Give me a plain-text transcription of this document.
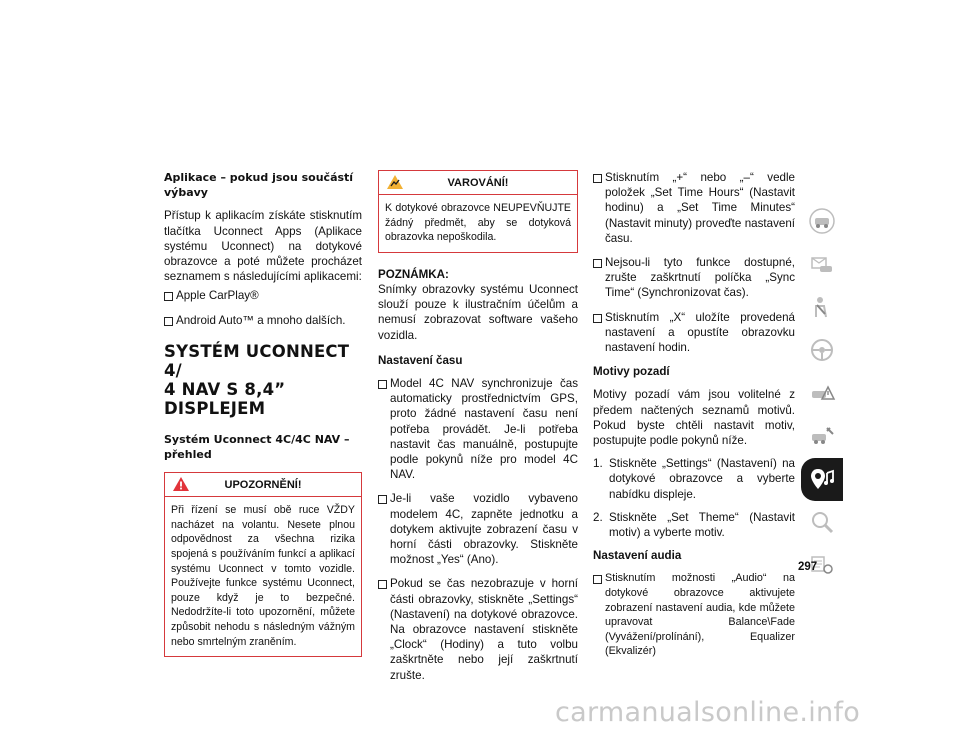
Aplikace – pokud jsou součástí výbavy
Přístup k aplikacím získáte stisknutím tlačítka Uconnect Apps (Aplikace systému Uconnect) na dotykové obrazovce a poté můžete procházet seznamem s následujícími aplikacemi:
Apple CarPlay®
Android Auto™ a mnoho dalších.
SYSTÉM UCONNECT 4/
4 NAV S 8,4” DISPLEJEM
Systém Uconnect 4C/4C NAV – přehled
UPOZORNĚNÍ!
Při řízení se musí obě ruce VŽDY nacházet na volantu. Nesete plnou odpovědnost za všechna rizika spojená s používáním funkcí a aplikací systému Uconnect v tomto vozidle. Používejte funkce systému Uconnect, pouze když je to bezpečné. Nedodržíte-li toto upozornění, můžete způsobit nehodu s následným vážným nebo smrtelným zraněním.
VAROVÁNÍ!
K dotykové obrazovce NEUPEVŇUJTE žádný předmět, aby se dotyková obrazovka nepoškodila.
POZNÁMKA:
Snímky obrazovky systému Uconnect slouží pouze k ilustračním účelům a nemusí zobrazovat software vašeho vozidla.
Nastavení času
Model 4C NAV synchronizuje čas automaticky prostřednictvím GPS, proto žádné nastavení času není potřeba provádět. Je-li potřeba nastavit čas manuálně, postupujte podle pokynů níže pro model 4C NAV.
Je-li vaše vozidlo vybaveno modelem 4C, zapněte jednotku a dotykem aktivujte zobrazení času v horní části obrazovky. Stiskněte možnost „Yes“ (Ano).
Pokud se čas nezobrazuje v horní části obrazovky, stiskněte „Settings“ (Nastavení) na dotykové obrazovce. Na obrazovce nastavení stiskněte „Clock“ (Hodiny) a tuto volbu zaškrtněte nebo její zaškrtnutí zrušte.
Stisknutím „+“ nebo „–“ vedle položek „Set Time Hours“ (Nastavit hodinu) a „Set Time Minutes“ (Nastavit minuty) proveďte nastavení času.
Nejsou-li tyto funkce dostupné, zrušte zaškrtnutí políčka „Sync Time“ (Synchronizovat čas).
Stisknutím „X“ uložíte provedená nastavení a opustíte obrazovku nastavení hodin.
Motivy pozadí
Motivy pozadí vám jsou volitelné z předem načtených seznamů motivů. Pokud byste chtěli nastavit motiv, postupujte podle pokynů níže.
1. Stiskněte „Settings“ (Nastavení) na dotykové obrazovce a vyberte nabídku displeje.
2. Stiskněte „Set Theme“ (Nastavit motiv) a vyberte motiv.
Nastavení audia
Stisknutím možnosti „Audio“ na dotykové obrazovce aktivujete zobrazení nastavení audia, kde můžete upravovat Balance\Fade (Vyvážení/prolínání), Equalizer (Ekvalizér)
297
carmanualsonline.info
